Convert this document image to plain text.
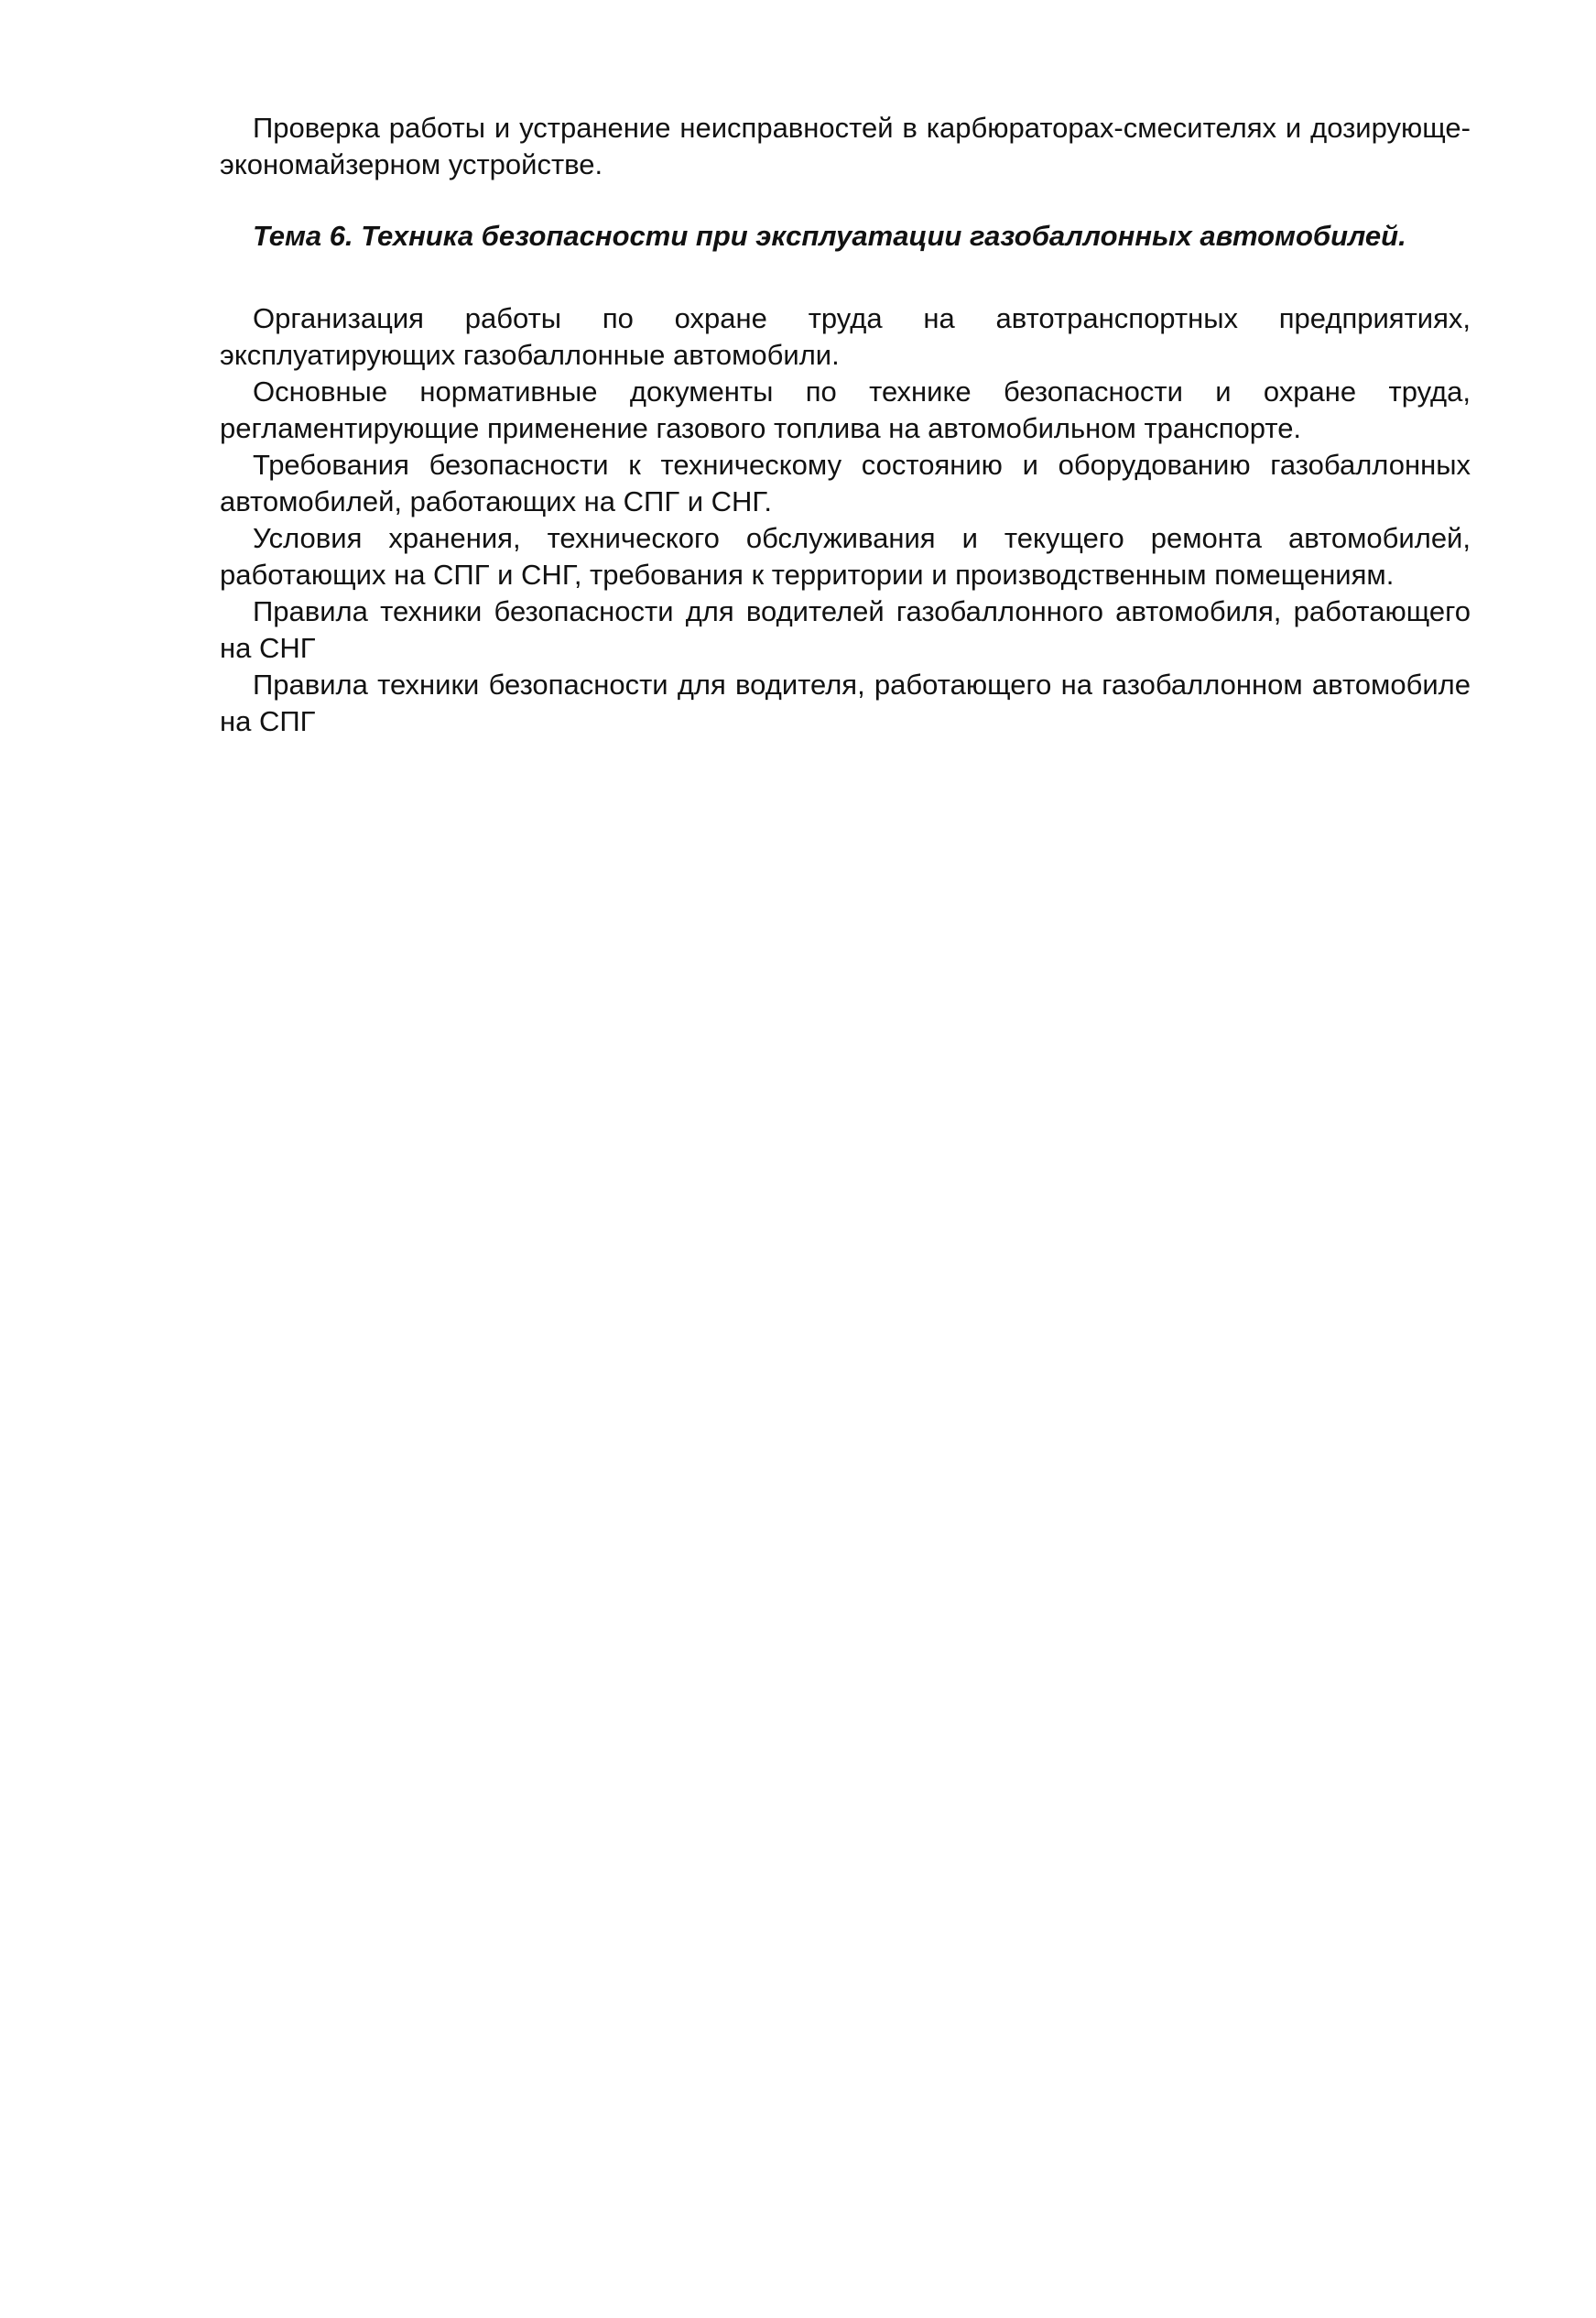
Проверка работы и устранение неисправностей в карбюраторах-смесителях и дозирующе-экономайзерном устройстве.

Тема 6. Техника безопасности при эксплуатации газобаллонных автомобилей.

Организация работы по охране труда на автотранспортных предприятиях, эксплуатирующих газобаллонные автомобили.

Основные нормативные документы по технике безопасности и охране труда, регламентирующие применение газового топлива на автомобильном транспорте.

Требования безопасности к техническому состоянию и оборудованию газобаллонных автомобилей, работающих на СПГ и СНГ.

Условия хранения, технического обслуживания и текущего ремонта автомобилей, работающих на СПГ и СНГ, требования к территории и производственным помещениям.

Правила техники безопасности для водителей газобаллонного автомобиля, работающего на СНГ

Правила техники безопасности для водителя, работающего на газобаллонном автомобиле на СПГ
